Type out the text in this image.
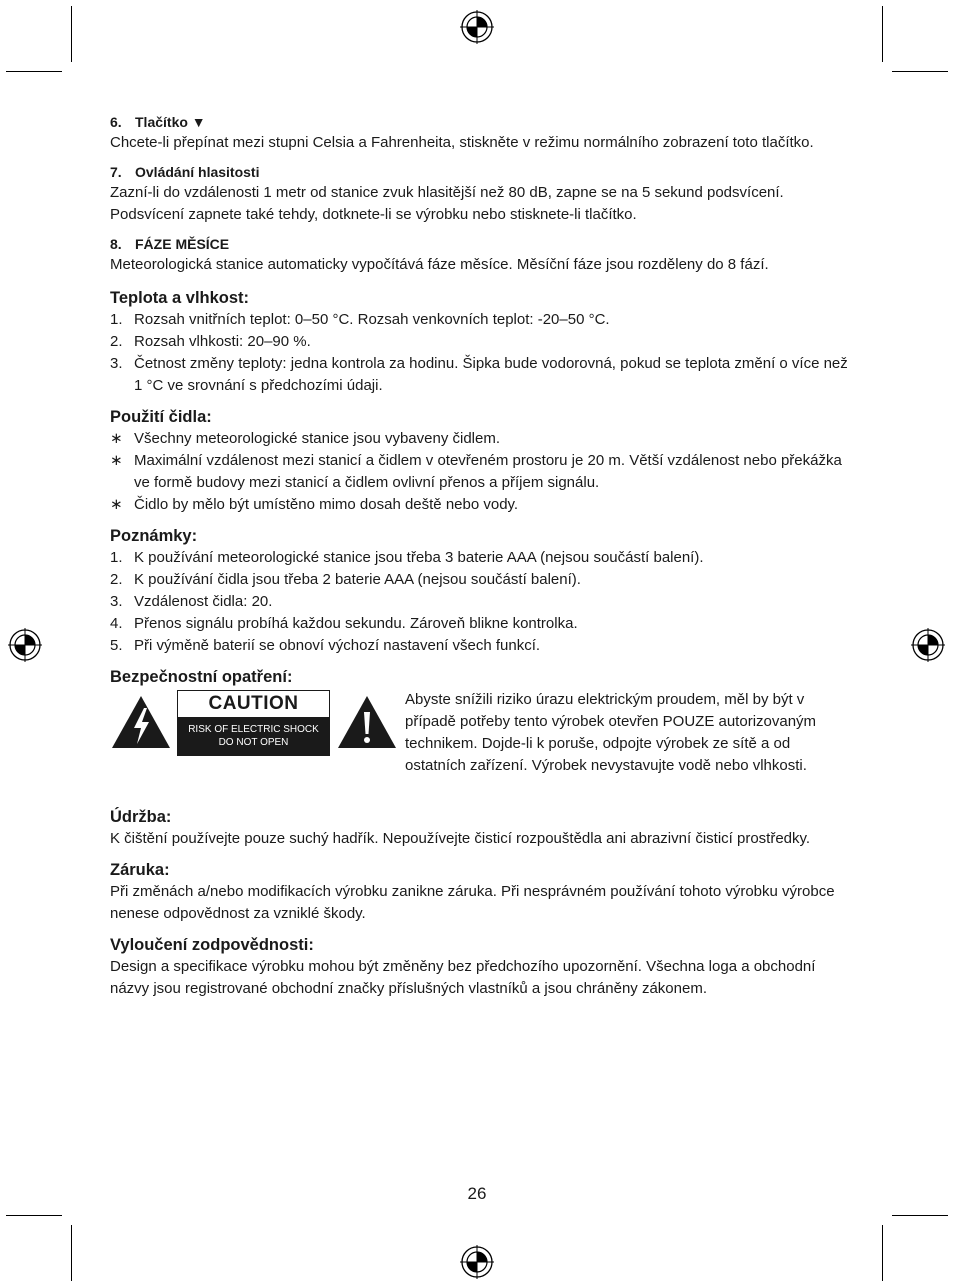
6. Tlačítko ▼

Chcete-li přepínat mezi stupni Celsia a Fahrenheita, stiskněte v režimu normálního zobrazení toto tlačítko.

7. Ovládání hlasitosti

Zazní-li do vzdálenosti 1 metr od stanice zvuk hlasitější než 80 dB, zapne se na 5 sekund podsvícení. Podsvícení zapnete také tehdy, dotknete-li se výrobku nebo stisknete-li tlačítko.

8. FÁZE MĚSÍCE

Meteorologická stanice automaticky vypočítává fáze měsíce. Měsíční fáze jsou rozděleny do 8 fází.

Teplota a vlhkost:
1. Rozsah vnitřních teplot: 0–50 °C. Rozsah venkovních teplot: -20–50 °C.
2. Rozsah vlhkosti: 20–90 %.
3. Četnost změny teploty: jedna kontrola za hodinu. Šipka bude vodorovná, pokud se teplota změní o více než 1 °C ve srovnání s předchozími údaji.
Použití čidla:
∗ Všechny meteorologické stanice jsou vybaveny čidlem.
∗ Maximální vzdálenost mezi stanicí a čidlem v otevřeném prostoru je 20 m. Větší vzdálenost nebo překážka ve formě budovy mezi stanicí a čidlem ovlivní přenos a příjem signálu.
∗ Čidlo by mělo být umístěno mimo dosah deště nebo vody.
Poznámky:
1. K používání meteorologické stanice jsou třeba 3 baterie AAA (nejsou součástí balení).
2. K používání čidla jsou třeba 2 baterie AAA (nejsou součástí balení).
3. Vzdálenost čidla: 20.
4. Přenos signálu probíhá každou sekundu. Zároveň blikne kontrolka.
5. Při výměně baterií se obnoví výchozí nastavení všech funkcí.
Bezpečnostní opatření:
CAUTION
RISK OF ELECTRIC SHOCK
DO NOT OPEN

Abyste snížili riziko úrazu elektrickým proudem, měl by být v případě potřeby tento výrobek otevřen POUZE autorizovaným technikem. Dojde-li k poruše, odpojte výrobek ze sítě a od ostatních zařízení. Výrobek nevystavujte vodě nebo vlhkosti.

Údržba:

K čištění používejte pouze suchý hadřík. Nepoužívejte čisticí rozpouštědla ani abrazivní čisticí prostředky.

Záruka:

Při změnách a/nebo modifikacích výrobku zanikne záruka. Při nesprávném používání tohoto výrobku výrobce nenese odpovědnost za vzniklé škody.

Vyloučení zodpovědnosti:

Design a specifikace výrobku mohou být změněny bez předchozího upozornění. Všechna loga a obchodní názvy jsou registrované obchodní značky příslušných vlastníků a jsou chráněny zákonem.

26
